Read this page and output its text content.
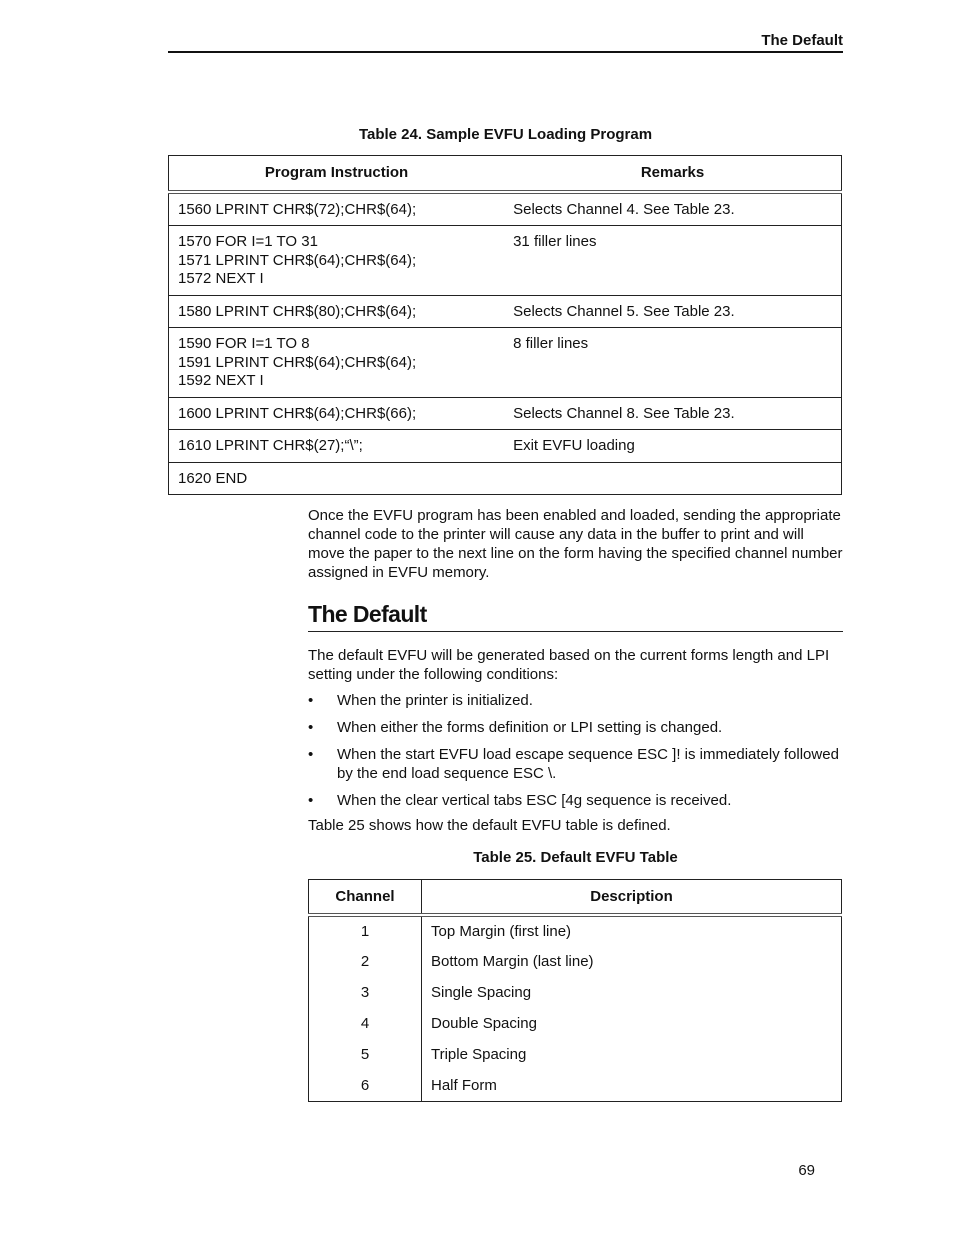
The Default
Table 24. Sample EVFU Loading Program
Program Instruction	Remarks

1560 LPRINT CHR$(72);CHR$(64);	Selects Channel 4. See Table 23.

1570 FOR I=1 TO 31
1571 LPRINT CHR$(64);CHR$(64);
1572 NEXT I	31 filler lines

1580 LPRINT CHR$(80);CHR$(64);	Selects Channel 5. See Table 23.

1590 FOR I=1 TO 8
1591 LPRINT CHR$(64);CHR$(64);
1592 NEXT I	8 filler lines

1600 LPRINT CHR$(64);CHR$(66);	Selects Channel 8. See Table 23.

1610 LPRINT CHR$(27);“\”;	Exit EVFU loading

1620 END	

Once the EVFU program has been enabled and loaded, sending the appropriate channel code to the printer will cause any data in the buffer to print and will move the paper to the next line on the form having the specified channel number assigned in EVFU memory.

The Default

The default EVFU will be generated based on the current forms length and LPI setting under the following conditions:

• When the printer is initialized.
• When either the forms definition or LPI setting is changed.
• When the start EVFU load escape sequence ESC ]! is immediately followed by the end load sequence ESC \.
• When the clear vertical tabs ESC [4g sequence is received.

Table 25 shows how the default EVFU table is defined.

Table 25. Default EVFU Table
Channel	Description
1	Top Margin (first line)
2	Bottom Margin (last line)
3	Single Spacing
4	Double Spacing
5	Triple Spacing
6	Half Form
69
